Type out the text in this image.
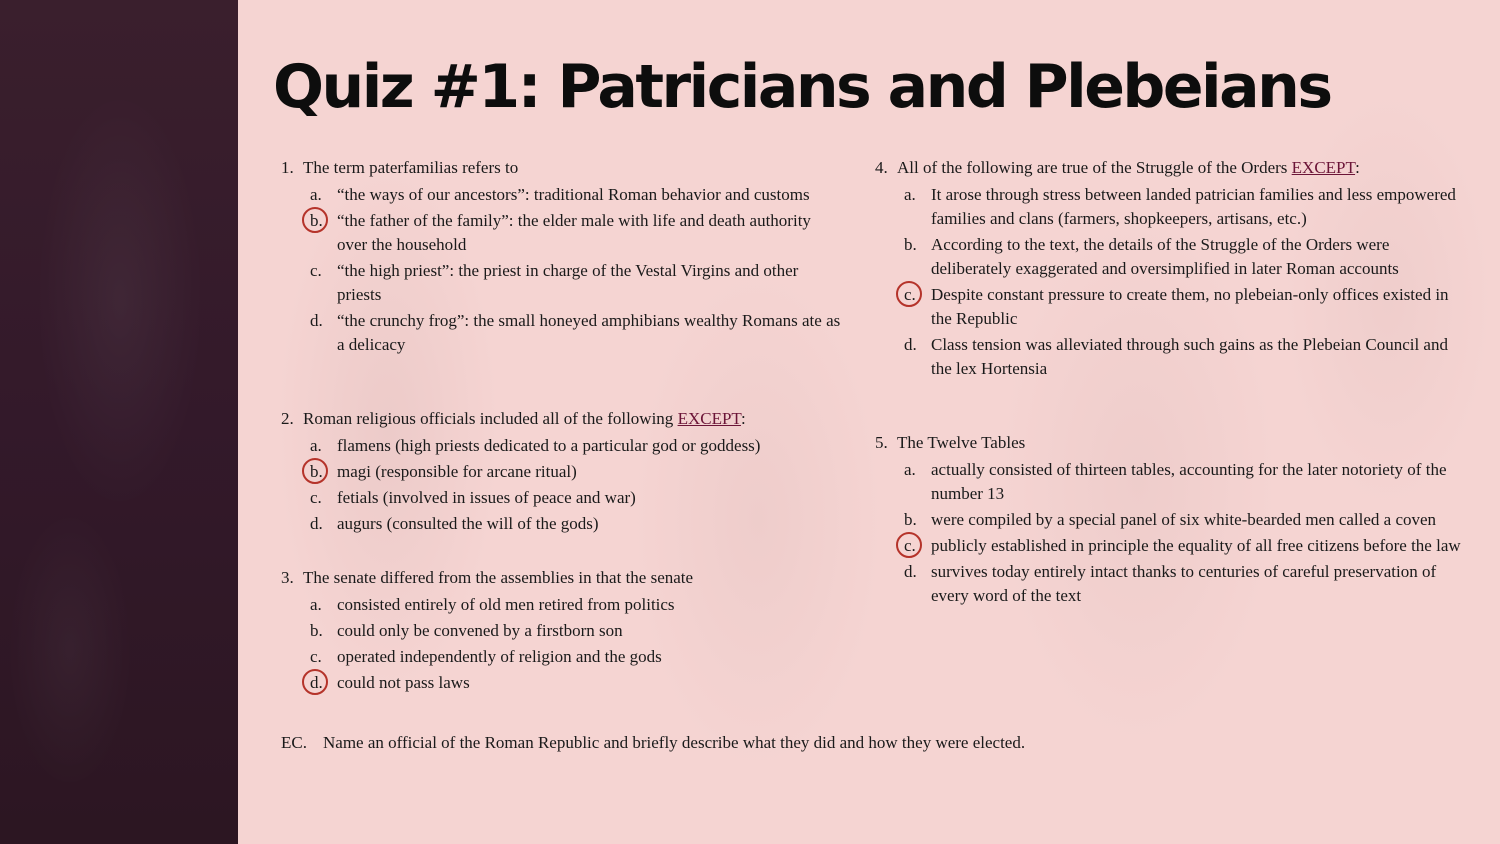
Quiz #1: Patricians and Plebeians
1. The term paterfamilias refers to
a. “the ways of our ancestors”: traditional Roman behavior and customs
b. “the father of the family”: the elder male with life and death authority over the household
c. “the high priest”: the priest in charge of the Vestal Virgins and other priests
d. “the crunchy frog”: the small honeyed amphibians wealthy Romans ate as a delicacy
2. Roman religious officials included all of the following EXCEPT:
a. flamens (high priests dedicated to a particular god or goddess)
b. magi (responsible for arcane ritual)
c. fetials (involved in issues of peace and war)
d. augurs (consulted the will of the gods)
3. The senate differed from the assemblies in that the senate
a. consisted entirely of old men retired from politics
b. could only be convened by a firstborn son
c. operated independently of religion and the gods
d. could not pass laws
4. All of the following are true of the Struggle of the Orders EXCEPT:
a. It arose through stress between landed patrician families and less empowered families and clans (farmers, shopkeepers, artisans, etc.)
b. According to the text, the details of the Struggle of the Orders were deliberately exaggerated and oversimplified in later Roman accounts
c. Despite constant pressure to create them, no plebeian-only offices existed in the Republic
d. Class tension was alleviated through such gains as the Plebeian Council and the lex Hortensia
5. The Twelve Tables
a. actually consisted of thirteen tables, accounting for the later notoriety of the number 13
b. were compiled by a special panel of six white-bearded men called a coven
c. publicly established in principle the equality of all free citizens before the law
d. survives today entirely intact thanks to centuries of careful preservation of every word of the text
EC. Name an official of the Roman Republic and briefly describe what they did and how they were elected.
